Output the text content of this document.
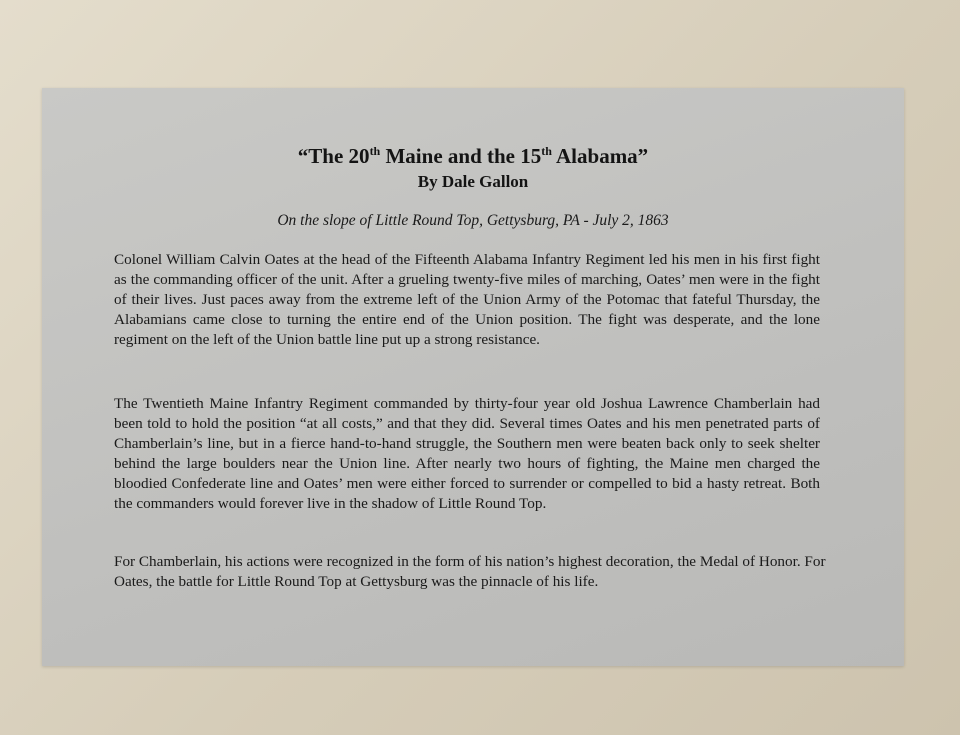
“The 20th Maine and the 15th Alabama”

By Dale Gallon

On the slope of Little Round Top, Gettysburg, PA - July 2, 1863

Colonel William Calvin Oates at the head of the Fifteenth Alabama Infantry Regiment led his men in his first fight as the commanding officer of the unit. After a grueling twenty-five miles of marching, Oates’ men were in the fight of their lives. Just paces away from the extreme left of the Union Army of the Potomac that fateful Thursday, the Alabamians came close to turning the entire end of the Union position. The fight was desperate, and the lone regiment on the left of the Union battle line put up a strong resistance.

The Twentieth Maine Infantry Regiment commanded by thirty-four year old Joshua Lawrence Chamberlain had been told to hold the position “at all costs,” and that they did. Several times Oates and his men penetrated parts of Chamberlain’s line, but in a fierce hand-to-hand struggle, the Southern men were beaten back only to seek shelter behind the large boulders near the Union line. After nearly two hours of fighting, the Maine men charged the bloodied Confederate line and Oates’ men were either forced to surrender or compelled to bid a hasty retreat. Both the commanders would forever live in the shadow of Little Round Top.

For Chamberlain, his actions were recognized in the form of his nation’s highest decoration, the Medal of Honor. For Oates, the battle for Little Round Top at Gettysburg was the pinnacle of his life.
